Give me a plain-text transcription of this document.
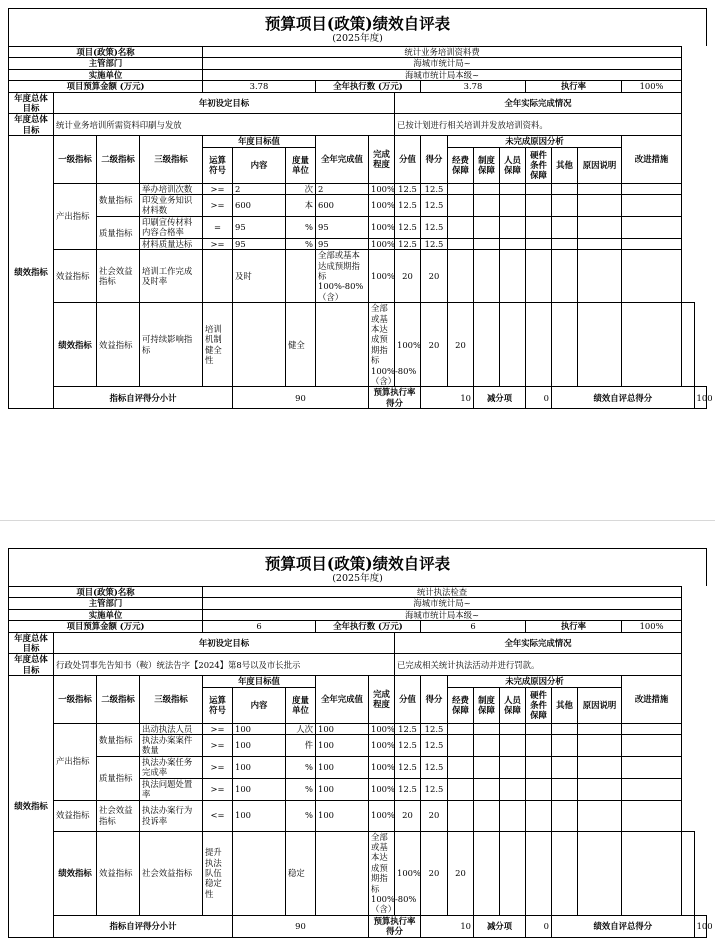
预算项目(政策)绩效自评表
(2025年度)
项目(政策)名称				统计业务培训资料费															
主管部门				海城市统计局~															
实施单位				海城市统计局本级~															
项目预算金额 (万元)				3.78			全年执行数 (万元)			3.78				执行率			100%		
年度总体目标	年初设定目标								全年实际完成情况										
年度总体目标	统计业务培训所需资料印刷与发放								已按计划进行相关培训并发放培训资料。										
绩效指标	一级指标	二级指标	三级指标	年度目标值			全年完成值	完成程度	分值	得分	未完成原因分析						改进措施		
				运算符号	内容	度量单位					经费保障	制度保障	人员保障	硬件条件保障	其他	原因说明			
	产出指标	数量指标	举办培训次数	>=	2	次	2	100%	12.5	12.5									
			印发业务知识材料数	>=	600	本	600	100%	12.5	12.5									
		质量指标	印刷宣传材料内容合格率	=	95	%	95	100%	12.5	12.5									
			材料质量达标	>=	95	%	95	100%	12.5	12.5									
	效益指标	社会效益指标	培训工作完成及时率		及时		全部或基本达成预期指标100%-80%（含）	100%	20	20									
	绩效指标	效益指标	可持续影响指标	培训机制健全性		健全		全部或基本达成预期指标100%-80%（含）	100%	20	20								
	指标自评得分小计				90			预算执行率得分		10		减分项		0	绩效自评总得分				100
预算项目(政策)绩效自评表
(2025年度)
项目(政策)名称				统计执法检查															
主管部门				海城市统计局~															
实施单位				海城市统计局本级~															
项目预算金额 (万元)				6			全年执行数 (万元)			6				执行率			100%		
年度总体目标	年初设定目标								全年实际完成情况										
年度总体目标	行政处罚事先告知书（鞍）统法告字【2024】第8号以及市长批示								已完成相关统计执法活动并进行罚款。										
绩效指标	一级指标	二级指标	三级指标	年度目标值			全年完成值	完成程度	分值	得分	未完成原因分析						改进措施		
				运算符号	内容	度量单位					经费保障	制度保障	人员保障	硬件条件保障	其他	原因说明			
	产出指标	数量指标	出动执法人员	>=	100	人次	100	100%	12.5	12.5									
			执法办案案件数量	>=	100	件	100	100%	12.5	12.5									
		质量指标	执法办案任务完成率	>=	100	%	100	100%	12.5	12.5									
			执法问题处置率	>=	100	%	100	100%	12.5	12.5									
	效益指标	社会效益指标	执法办案行为投诉率	<=	100	%	100	100%	20	20									
	绩效指标	效益指标	社会效益指标	提升执法队伍稳定性		稳定		全部或基本达成预期指标100%-80%（含）	100%	20	20								
	指标自评得分小计				90			预算执行率得分		10		减分项		0	绩效自评总得分				100
